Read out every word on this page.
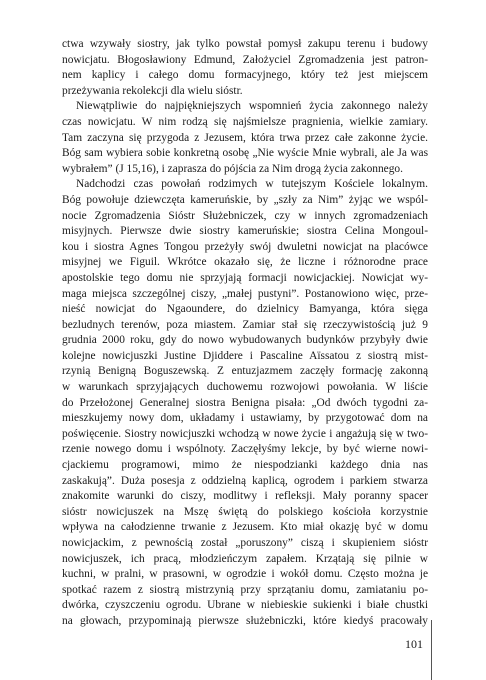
ctwa wzywały siostry, jak tylko powstał pomysł zakupu terenu i budowy
nowicjatu. Błogosławiony Edmund, Założyciel Zgromadzenia jest patron-
nem kaplicy i całego domu formacyjnego, który też jest miejscem
przeżywania rekolekcji dla wielu sióstr.

Niewątpliwie do najpiękniejszych wspomnień życia zakonnego należy
czas nowicjatu. W nim rodzą się najśmielsze pragnienia, wielkie zamiary.
Tam zaczyna się przygoda z Jezusem, która trwa przez całe zakonne życie.
Bóg sam wybiera sobie konkretną osobę „Nie wyście Mnie wybrali, ale Ja was
wybrałem” (J 15,16), i zaprasza do pójścia za Nim drogą życia zakonnego.

Nadchodzi czas powołań rodzimych w tutejszym Kościele lokalnym.
Bóg powołuje dziewczęta kameruńskie, by „szły za Nim” żyjąc we wspól-
nocie Zgromadzenia Sióstr Służebniczek, czy w innych zgromadzeniach
misyjnych. Pierwsze dwie siostry kameruńskie; siostra Celina Mongoul-
kou i siostra Agnes Tongou przeżyły swój dwuletni nowicjat na placówce
misyjnej we Figuil. Wkrótce okazało się, że liczne i różnorodne prace
apostolskie tego domu nie sprzyjają formacji nowicjackiej. Nowicjat wy-
maga miejsca szczególnej ciszy, „małej pustyni”. Postanowiono więc, prze-
nieść nowicjat do Ngaoundere, do dzielnicy Bamyanga, która sięga
bezludnych terenów, poza miastem. Zamiar stał się rzeczywistością już 9
grudnia 2000 roku, gdy do nowo wybudowanych budynków przybyły dwie
kolejne nowicjuszki Justine Djiddere i Pascaline Aïssatou z siostrą mist-
rzynią Benigną Boguszewską. Z entuzjazmem zaczęły formację zakonną
w warunkach sprzyjających duchowemu rozwojowi powołania. W liście
do Przełożonej Generalnej siostra Benigna pisała: „Od dwóch tygodni za-
mieszkujemy nowy dom, układamy i ustawiamy, by przygotować dom na
poświęcenie. Siostry nowicjuszki wchodzą w nowe życie i angażują się w two-
rzenie nowego domu i wspólnoty. Zaczęłyśmy lekcje, by być wierne nowi-
cjackiemu programowi, mimo że niespodzianki każdego dnia nas
zaskakują”. Duża posesja z oddzielną kaplicą, ogrodem i parkiem stwarza
znakomite warunki do ciszy, modlitwy i refleksji. Mały poranny spacer
sióstr nowicjuszek na Mszę świętą do polskiego kościoła korzystnie
wpływa na całodzienne trwanie z Jezusem. Kto miał okazję być w domu
nowicjackim, z pewnością został „poruszony” ciszą i skupieniem sióstr
nowicjuszek, ich pracą, młodzieńczym zapałem. Krzątają się pilnie w
kuchni, w pralni, w prasowni, w ogrodzie i wokół domu. Często można je
spotkać razem z siostrą mistrzynią przy sprzątaniu domu, zamiataniu po-
dwórka, czyszczeniu ogrodu. Ubrane w niebieskie sukienki i białe chustki
na głowach, przypominają pierwsze służebniczki, które kiedyś pracowały

101
